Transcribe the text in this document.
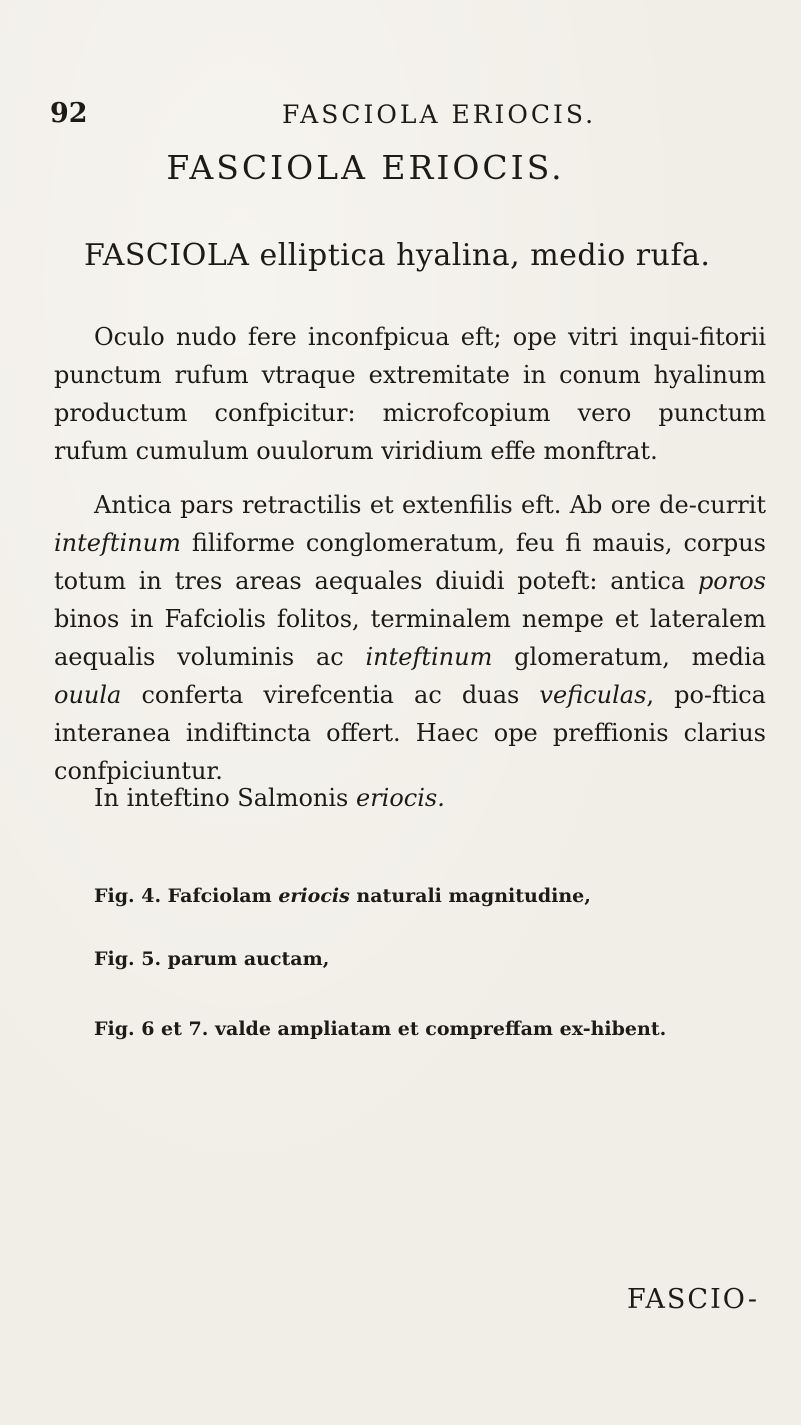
92	FASCIOLA ERIOCIS.
FASCIOLA ERIOCIS.
FASCIOLA elliptica hyalina, medio rufa.
Oculo nudo fere inconfpicua eft; ope vitri inqui-fitorii punctum rufum vtraque extremitate in conum hyalinum productum confpicitur: microfcopium vero punctum rufum cumulum ouulorum viridium effe monftrat.
Antica pars retractilis et extenfilis eft. Ab ore de-currit inteftinum filiforme conglomeratum, feu fi mauis, corpus totum in tres areas aequales diuidi poteft: antica poros binos in Fafciolis folitos, terminalem nempe et lateralem aequalis voluminis ac inteftinum glomeratum, media ouula conferta virefcentia ac duas veficulas, po-ftica interanea indiftincta offert. Haec ope preffionis clarius confpiciuntur.
In inteftino Salmonis eriocis.
Fig. 4. Fafciolam eriocis naturali magnitudine,
Fig. 5. parum auctam,
Fig. 6 et 7. valde ampliatam et compreffam ex-hibent.
FASCIO-
